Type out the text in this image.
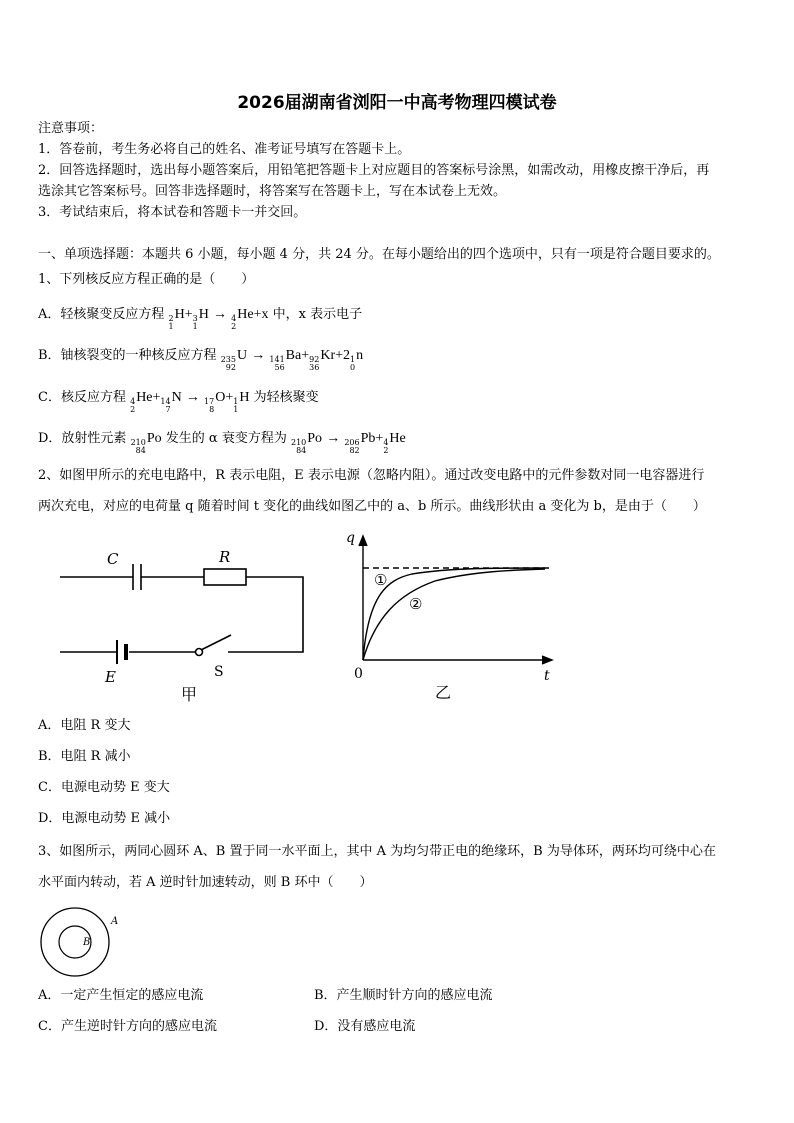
2026届湖南省浏阳一中高考物理四模试卷
注意事项：
1．答卷前，考生务必将自己的姓名、准考证号填写在答题卡上。
2．回答选择题时，选出每小题答案后，用铅笔把答题卡上对应题目的答案标号涂黑，如需改动，用橡皮擦干净后，再
选涂其它答案标号。回答非选择题时，将答案写在答题卡上，写在本试卷上无效。
3．考试结束后，将本试卷和答题卡一并交回。
一、单项选择题：本题共 6 小题，每小题 4 分，共 24 分。在每小题给出的四个选项中，只有一项是符合题目要求的。
1、下列核反应方程正确的是（　　）
A．轻核聚变反应方程 2
1
H+ 3
1
H → 4
2
He+x 中，x 表示电子
B．铀核裂变的一种核反应方程 235
92
U → 141
56
Ba+ 92
36
Kr+2 1
0
n
C．核反应方程 4
2
He+ 14
7
N → 17
8
O+ 1
1
H 为轻核聚变
D．放射性元素 210
84
Po 发生的 α 衰变方程为 210
84
Po → 206
82
Pb+ 4
2
He
2、如图甲所示的充电电路中，R 表示电阻，E 表示电源（忽略内阻）。通过改变电路中的元件参数对同一电容器进行
两次充电，对应的电荷量 q 随着时间 t 变化的曲线如图乙中的 a、b 所示。曲线形状由 a 变化为 b，是由于（　　）
C	R
E	S
甲
q
t
0
①
②
乙
A．电阻 R 变大
B．电阻 R 减小
C．电源电动势 E 变大
D．电源电动势 E 减小
3、如图所示，两同心圆环 A、B 置于同一水平面上，其中 A 为均匀带正电的绝缘环，B 为导体环，两环均可绕中心在
水平面内转动，若 A 逆时针加速转动，则 B 环中（　　）
A
B
A．一定产生恒定的感应电流	B．产生顺时针方向的感应电流
C．产生逆时针方向的感应电流	D．没有感应电流
